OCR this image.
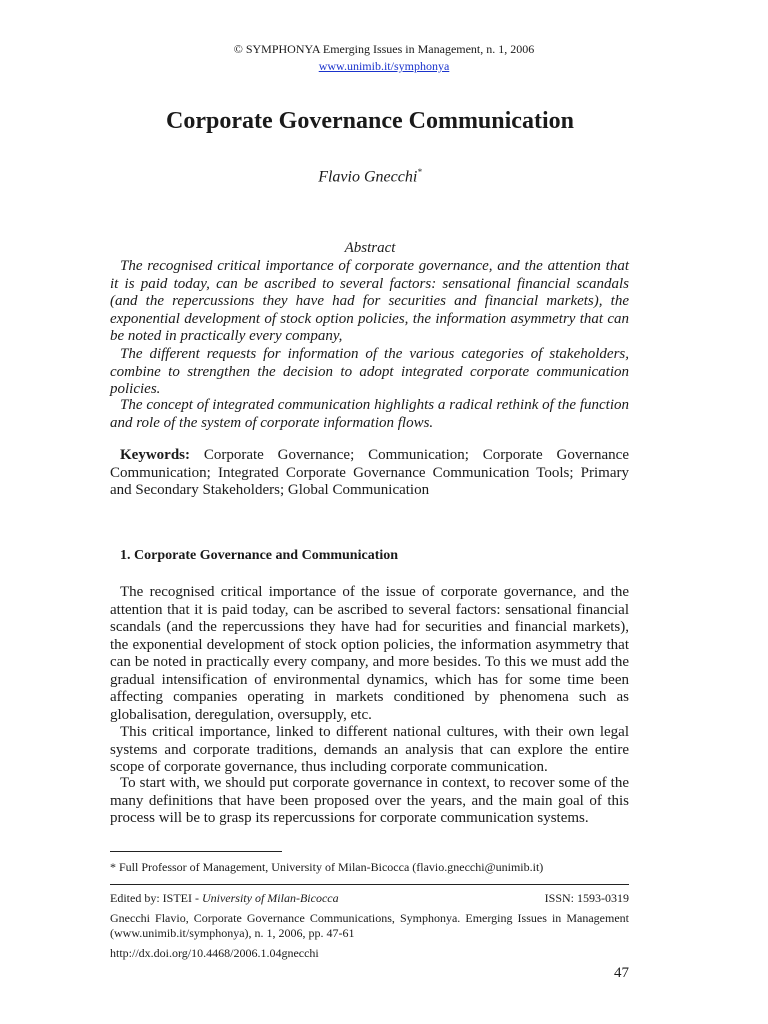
© SYMPHONYA Emerging Issues in Management, n. 1, 2006
www.unimib.it/symphonya
Corporate Governance Communication
Flavio Gnecchi*
Abstract

The recognised critical importance of corporate governance, and the attention that it is paid today, can be ascribed to several factors: sensational financial scandals (and the repercussions they have had for securities and financial markets), the exponential development of stock option policies, the information asymmetry that can be noted in practically every company,

The different requests for information of the various categories of stakeholders, combine to strengthen the decision to adopt integrated corporate communication policies.

The concept of integrated communication highlights a radical rethink of the function and role of the system of corporate information flows.

Keywords: Corporate Governance; Communication; Corporate Governance Communication; Integrated Corporate Governance Communication Tools; Primary and Secondary Stakeholders; Global Communication

1. Corporate Governance and Communication

The recognised critical importance of the issue of corporate governance, and the attention that it is paid today, can be ascribed to several factors: sensational financial scandals (and the repercussions they have had for securities and financial markets), the exponential development of stock option policies, the information asymmetry that can be noted in practically every company, and more besides. To this we must add the gradual intensification of environmental dynamics, which has for some time been affecting companies operating in markets conditioned by phenomena such as globalisation, deregulation, oversupply, etc.

This critical importance, linked to different national cultures, with their own legal systems and corporate traditions, demands an analysis that can explore the entire scope of corporate governance, thus including corporate communication.

To start with, we should put corporate governance in context, to recover some of the many definitions that have been proposed over the years, and the main goal of this process will be to grasp its repercussions for corporate communication systems.

* Full Professor of Management, University of Milan-Bicocca (flavio.gnecchi@unimib.it)
Edited by: ISTEI - University of Milan-Bicocca	ISSN: 1593-0319
Gnecchi Flavio, Corporate Governance Communications, Symphonya. Emerging Issues in Management (www.unimib.it/symphonya), n. 1, 2006, pp. 47-61
http://dx.doi.org/10.4468/2006.1.04gnecchi
47
